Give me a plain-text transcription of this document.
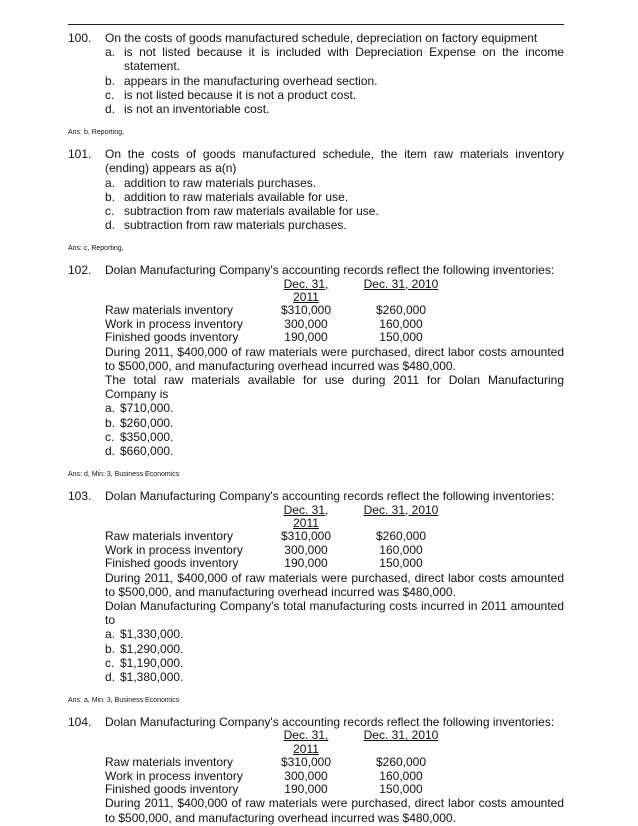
100.	On the costs of goods manufactured schedule, depreciation on factory equipment
a. is not listed because it is included with Depreciation Expense on the income statement.
b. appears in the manufacturing overhead section.
c. is not listed because it is not a product cost.
d. is not an inventoriable cost.
Ans: b, Reporting,
101.	On the costs of goods manufactured schedule, the item raw materials inventory (ending) appears as a(n)
a. addition to raw materials purchases.
b. addition to raw materials available for use.
c. subtraction from raw materials available for use.
d. subtraction from raw materials purchases.
Ans: c, Reporting,
102.	Dolan Manufacturing Company's accounting records reflect the following inventories:
Dec. 31, 2011
Dec. 31, 2010
Raw materials inventory	$310,000	$260,000
Work in process inventory	300,000	160,000
Finished goods inventory	190,000	150,000
During 2011, $400,000 of raw materials were purchased, direct labor costs amounted to $500,000, and manufacturing overhead incurred was $480,000.
The total raw materials available for use during 2011 for Dolan Manufacturing Company is
a. $710,000.
b. $260,000.
c. $350,000.
d. $660,000.
Ans: d, Min: 3, Business Economics
103.	Dolan Manufacturing Company's accounting records reflect the following inventories:
Dec. 31, 2011
Dec. 31, 2010
Raw materials inventory	$310,000	$260,000
Work in process inventory	300,000	160,000
Finished goods inventory	190,000	150,000
During 2011, $400,000 of raw materials were purchased, direct labor costs amounted to $500,000, and manufacturing overhead incurred was $480,000.
Dolan Manufacturing Company's total manufacturing costs incurred in 2011 amounted to
a. $1,330,000.
b. $1,290,000.
c. $1,190,000.
d. $1,380,000.
Ans: a, Min: 3, Business Economics
104.	Dolan Manufacturing Company's accounting records reflect the following inventories:
Dec. 31, 2011
Dec. 31, 2010
Raw materials inventory	$310,000	$260,000
Work in process inventory	300,000	160,000
Finished goods inventory	190,000	150,000
During 2011, $400,000 of raw materials were purchased, direct labor costs amounted to $500,000, and manufacturing overhead incurred was $480,000.
